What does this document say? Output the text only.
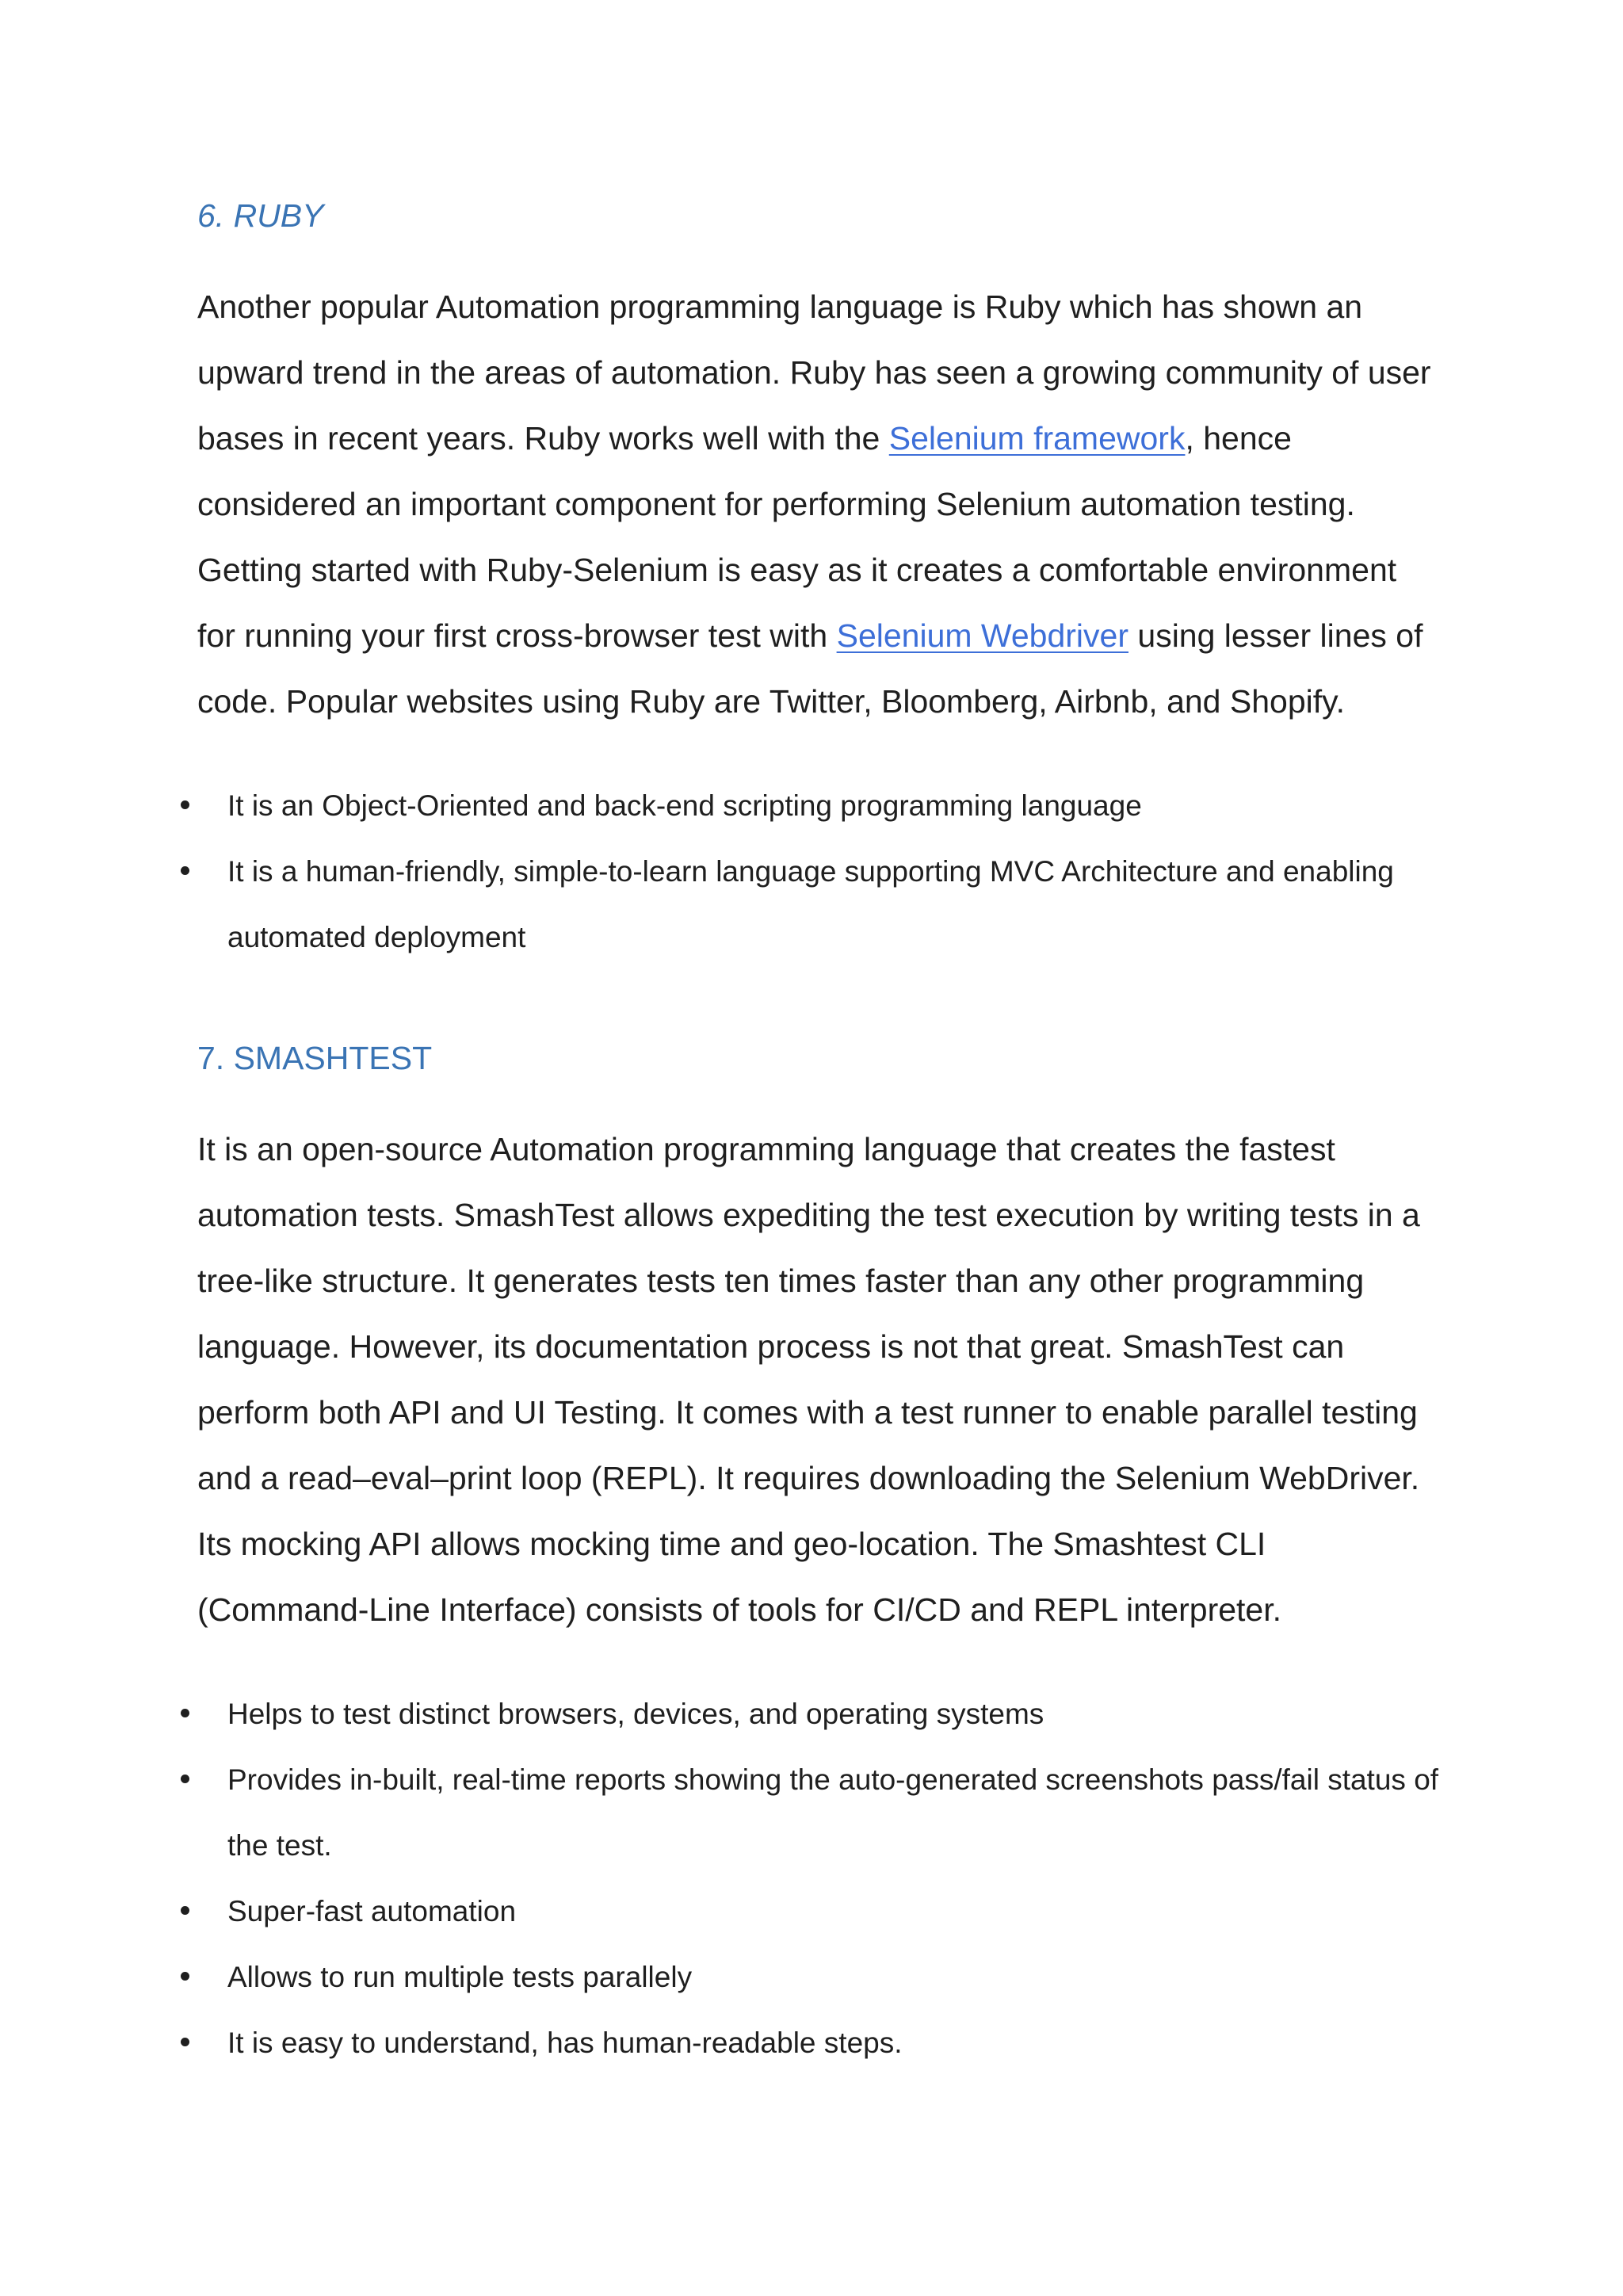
6. RUBY

Another popular Automation programming language is Ruby which has shown an upward trend in the areas of automation. Ruby has seen a growing community of user bases in recent years. Ruby works well with the Selenium framework, hence considered an important component for performing Selenium automation testing. Getting started with Ruby-Selenium is easy as it creates a comfortable environment for running your first cross-browser test with Selenium Webdriver using lesser lines of code. Popular websites using Ruby are Twitter, Bloomberg, Airbnb, and Shopify.

It is an Object-Oriented and back-end scripting programming language
It is a human-friendly, simple-to-learn language supporting MVC Architecture and enabling automated deployment
7. SMASHTEST

It is an open-source Automation programming language that creates the fastest automation tests. SmashTest allows expediting the test execution by writing tests in a tree-like structure. It generates tests ten times faster than any other programming language. However, its documentation process is not that great. SmashTest can perform both API and UI Testing. It comes with a test runner to enable parallel testing and a read–eval–print loop (REPL). It requires downloading the Selenium WebDriver. Its mocking API allows mocking time and geo-location. The Smashtest CLI (Command-Line Interface) consists of tools for CI/CD and REPL interpreter.

Helps to test distinct browsers, devices, and operating systems
Provides in-built, real-time reports showing the auto-generated screenshots pass/fail status of the test.
Super-fast automation
Allows to run multiple tests parallely
It is easy to understand, has human-readable steps.
